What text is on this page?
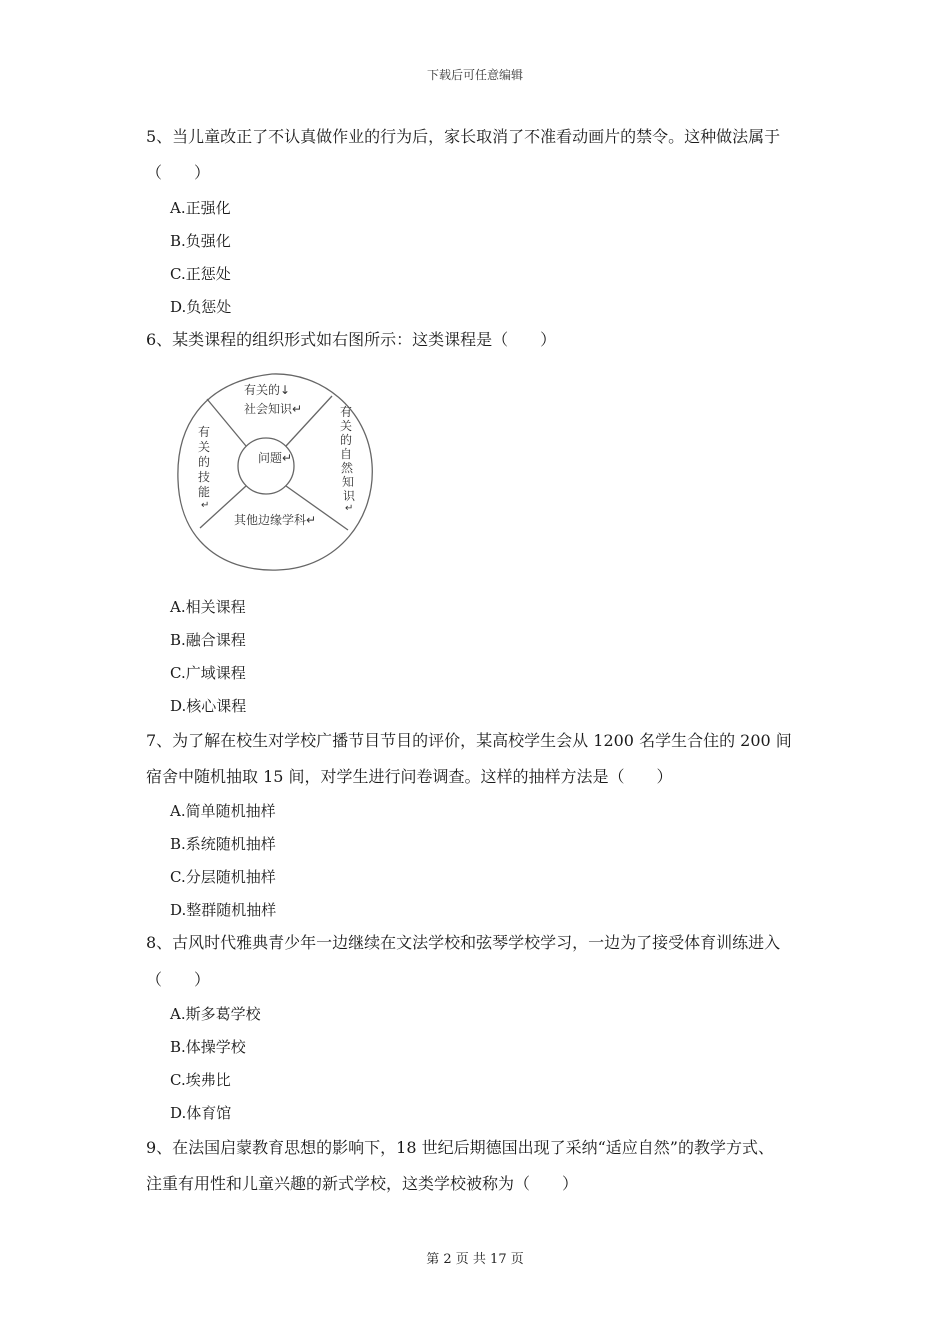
下载后可任意编辑
5、当儿童改正了不认真做作业的行为后，家长取消了不准看动画片的禁令。这种做法属于
（　　）
A.正强化
B.负强化
C.正惩处
D.负惩处
6、某类课程的组织形式如右图所示：这类课程是（　　）
问题↵
有关的↓
社会知识↵	有
关
的
自
然
知
识
↵
有
关
的
技
能
↵
其他边缘学科↵
A.相关课程
B.融合课程
C.广域课程
D.核心课程
7、为了解在校生对学校广播节目节目的评价，某高校学生会从 1200 名学生合住的 200 间
宿舍中随机抽取 15 间，对学生进行问卷调查。这样的抽样方法是（　　）
A.简单随机抽样
B.系统随机抽样
C.分层随机抽样
D.整群随机抽样
8、古风时代雅典青少年一边继续在文法学校和弦琴学校学习，一边为了接受体育训练进入
（　　）
A.斯多葛学校
B.体操学校
C.埃弗比
D.体育馆
9、在法国启蒙教育思想的影响下，18 世纪后期德国出现了采纳“适应自然”的教学方式、
注重有用性和儿童兴趣的新式学校，这类学校被称为（　　）
第 2 页 共 17 页
